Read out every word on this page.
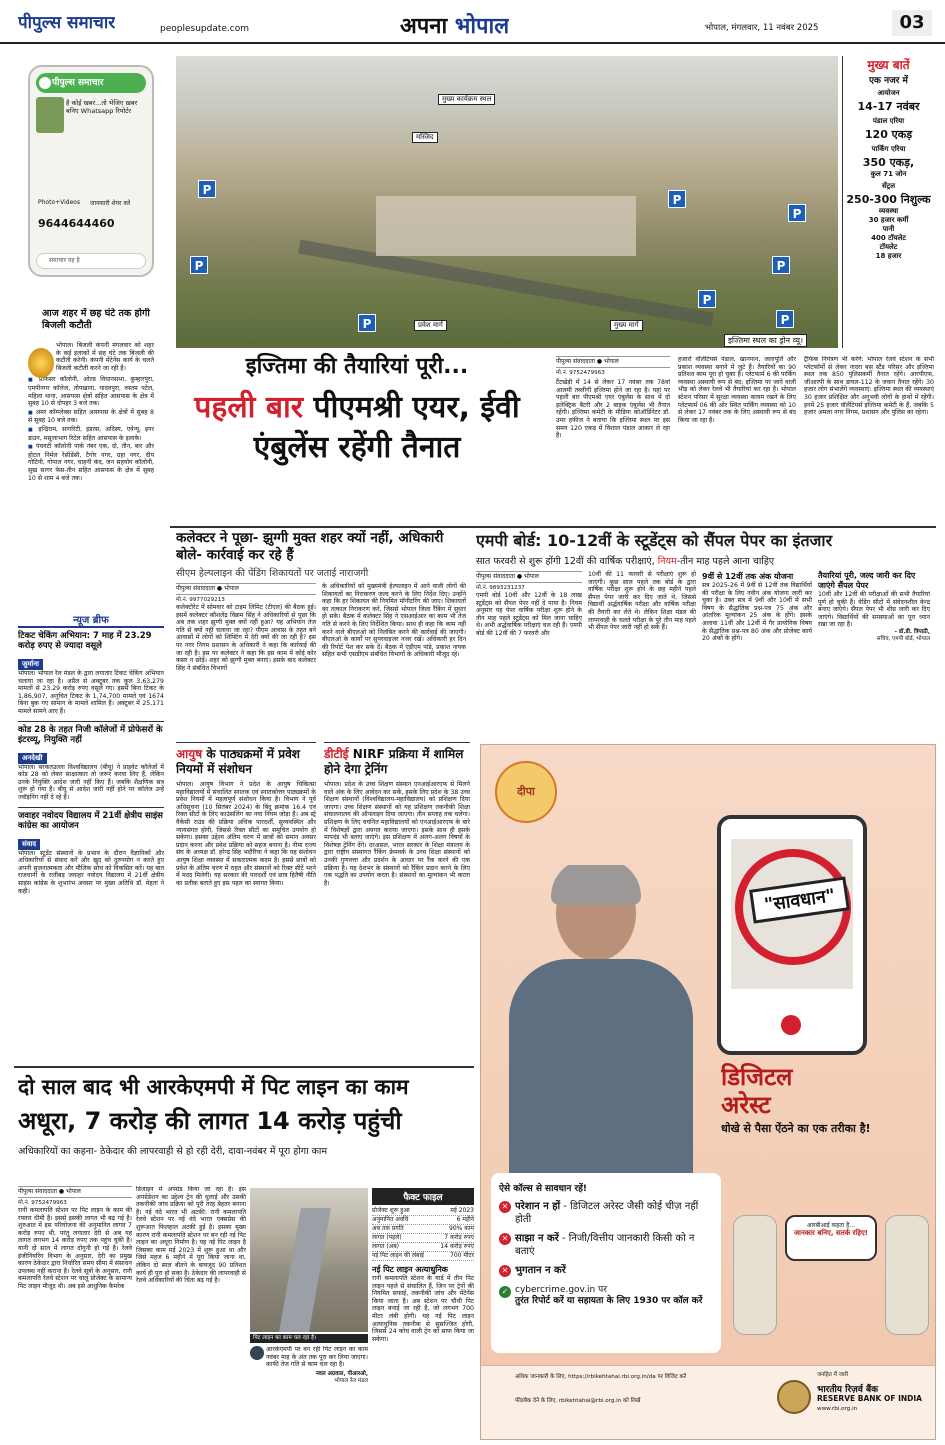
पीपुल्स समाचार	peoplesupdate.com	अपना भोपाल	भोपाल, मंगलवार, 11 नवंबर 2025	03
पीपुल्स समाचार
है कोई खबर...तो भेजिए ख़बर बनिए Whatsapp रिपोर्टर
Photo+Videos जानकारी शेयर करें
9644644460
समाचार यह है
आज शहर में छह घंटे तक होगी बिजली कटौती
भोपाल। बिजली कंपनी मंगलवार को शहर के कई इलाकों में छह घंटे तक बिजली की कटौती करेगी। कंपनी मेंटेनेंस कार्य के चलते बिजली कटौती करने जा रही है।
■ प्रोफेसर कॉलोनी, ओल्ड विधानसभा, कुम्हारपुरा, एमपीनगर कॉलेज, तोपखाना, यादवपुरा, रुस्तम पटेल, महिला थाना, आसपास क्षेत्रों सहित आसपास के क्षेत्र में सुबह 10 से दोपहर 3 बजे तक।
■ अमर कॉम्प्लेक्स सहित आसपास के क्षेत्रों में सुबह 8 से सुबह 10 बजे तक।
■ इन्द्रिराम, सागरिटी, इडरस, अदिस्य, एवेन्यू, इनर डाउन, मसूजाभाग रिटेल सहित आसपास के इलाके।
■ पंचवटी कॉलोनी पार्क नंबर एक, दो, तीन, बार और होटल निर्मल रेसीडेंसी, टैगोर नगर, ग्रहा नगर, दीप गोटिनी, गोपाल नगर, चाहनी कंद, जन सहयोग कॉलोनी, सुख सागर फेस-तीन सहित आसपास के क्षेत्र में सुबह 10 से शाम 4 बजे तक।
न्यूज ब्रीफ
टिकट चेकिंग अभियान: 7 माह में 23.29 करोड़ रुपए से ज्यादा वसूले
जुर्माना
भोपाल। भोपाल रेल मंडल के द्वारा लगातार टिकट चेकिंग अभियान चलाया जा रहा है। अप्रैल से अक्टूबर तक कुल 3,63,279 मामलों से 23.29 करोड़ रुपए वसूले गए। इसमें बिना टिकट के 1,86,907, अनुचित टिकट के 1,74,700 मामले एवं 1674 बिना बुक गए सामान के मामले शामिल हैं। अक्टूबर में 25,171 मामले सामने आए हैं।
कोड 28 के तहत निजी कॉलेजों में प्रोफेसरों के इंटरव्यू, नियुक्ति नहीं
अनदेखी
भोपाल। बरकतउल्ला विश्वविद्यालय (बीयू) ने प्राइवेट कॉलेजों में कोड 28 को लेकर साक्षात्कार तो जरूर करवा लिए हैं, लेकिन उनके नियुक्ति आदेश जारी नहीं किए हैं। जबकि शैक्षणिक सत्र शुरू हो गया है। बीयू से आदेश जारी नहीं होने पर कॉलेज उन्हें ज्वॉइनिंग नहीं दे रहे हैं।
जवाहर नवोदय विद्यालय में 21वीं क्षेत्रीय साइंस कांग्रेस का आयोजन
संवाद
भोपाल। स्टूडेंट संस्थानों के प्रभाव के दौरान वैज्ञानिकों और अधिकारियों से संवाद करें और खुद को दुरुपयोग न करते हुए अपनी सृजनात्मकता और मौलिक सोच को विकसित करें। यह बात राजधानी के रातीबड़ जवाहर नवोदय विद्यालय में 21वीं क्षेत्रीय साइंस कांग्रेस के शुभारंभ अवसर पर मुख्य अतिथि डॉ. मेहता ने कही।
मुख्य कार्यक्रम स्थल
मस्जिद
प्रवेश मार्ग	मुख्य मार्ग
इज्तिमा स्थल का ड्रोन व्यू।
P
P
P
P
P
P
P
P
मुख्य बातें
एक नजर में
आयोजन
14-17 नवंबर
पंडाल एरिया
120 एकड़
पार्किंग एरिया
350 एकड़,
कुल 71 जोन
सेंट्रल
250-300 निशुल्क
व्यवस्था
30 हजार कर्मी
पानी
400 टॉयलेट
टॉयलेट
18 हजार
इज्तिमा की तैयारियां पूरी...
पहली बार पीएमश्री एयर, ईवी एंबुलेंस रहेंगी तैनात
पीपुल्स संवाददाता ● भोपाल
मो.नं. 9752479963
टैंटखेड़ी में 14 से लेकर 17 नवंबर तक 78वां आलमी तब्लीगी इज्तिमा होने जा रहा है। यहां पर पहली बार पीएमश्री एयर एंबुलेंस के साथ में दो इलेक्ट्रिक बैटरी और 2 बाइक एंबुलेंस भी तैनात रहेंगी। इज्तिमा कमेटी के मीडिया कोऑर्डिनेटर डॉ. उमर हफीज ने बताया कि इज्तिमा स्थल पर इस समय 120 एकड़ में विशाल पंडाल आकार ले रहा है।
हजारों वॉलेंटियर्स पंडाल, खानपान, जलापूर्ति और प्रकाश व्यवस्था बनाने में जुटे हैं। तैयारियों का 90 प्रतिशत काम पूरा हो चुका है। प्लेटफार्म 6 की पार्किंग व्यवस्था अस्थायी रूप से बंद: इज्तिमा पर जाने वाली भीड़ को लेकर रेलवे भी तैयारियां कर रहा है। भोपाल स्टेशन परिसर में सुरक्षा व्यवस्था कायम रखने के लिए प्लेटफार्म 06 की ओर स्थित पार्किंग व्यवस्था को 10 से लेकर 17 नवंबर तक के लिए अस्थायी रूप से बंद किया जा रहा है।
ट्रैफिक नियंत्रण भी करेंगे: भोपाल रेलवे स्टेशन के सभी प्लेटफॉर्मों से लेकर नादरा बस स्टैंड परिसर और इज्तिमा स्थल तक 850 पुलिसकर्मी तैनात रहेंगे। आरपीएफ, जीआरपी के साथ डायल-112 के जवान तैनात रहेंगे। 30 हजार लोग संभालेंगे व्यवस्थाएं: इज्तिमा स्थल की व्यवस्थाएं 30 हजार प्रशिक्षित और अनुभवी लोगों के हाथों में रहेंगी। इनमें 25 हजार वॉलेंटियर्स इज्तिमा कमेटी के हैं, जबकि 5 हजार अमला नगर निगम, प्रशासन और पुलिस का रहेगा।
कलेक्टर ने पूछा- झुग्गी मुक्त शहर क्यों नहीं, अधिकारी बोले- कार्रवाई कर रहे हैं
सीएम हेल्पलाइन की पेंडिंग शिकायतों पर जताई नाराजगी
पीपुल्स संवाददाता ● भोपाल
मो.नं. 9977029213
कलेक्टोरेट में सोमवार को टाइम लिमिट (टीएल) की बैठक हुई। इसमें कलेक्टर कौशलेंद्र विक्रम सिंह ने अधिकारियों से पूछा कि अब तक शहर झुग्गी मुक्त क्यों नहीं हुआ? यह अभियान तेज गति से क्यों नहीं चलाया जा रहा? पीएम आवास के तहत बने आवासों में लोगों को शिफ्टिंग में देरी क्यों की जा रही है? इस पर नगर निगम प्रशासन के अधिकारी ने कहा कि कार्रवाई की जा रही है। इस पर कलेक्टर ने कहा कि इस काम में कोई कोर कसर न छोड़ें। शहर को झुग्गी मुक्त बनाएं। इसके बाद कलेक्टर सिंह ने संबंधित विभागों
के अधिकारियों को मुख्यमंत्री हेल्पलाइन में आने वाली लोगों की शिकायतों का निराकरण जल्द करने के लिए निर्देश दिए। उन्होंने कहा कि हर शिकायत की नियमित मॉनीटरिंग की जाए। शिकायतों का तत्काल निराकरण करें, जिससे भोपाल जिला रैंकिंग में सुधार हो सके। बैठक में कलेक्टर सिंह ने एसआईआर का काम भी तेज गति से करने के लिए निर्देशित किया। साथ ही कहा कि काम नहीं करने वाले बीएलओ को निलंबित करने की कार्रवाई की जाएगी। बीएलओ के कार्यों पर सुपरवाइजर नजर रखें। अधिकारी हर दिन की रिपोर्ट पेश कर सके दें। बैठक में एडीएम पांडे, प्रकाश नायक सहित सभी एसडीएम संबंधित विभागों के अधिकारी मौजूद रहे।
एमपी बोर्ड: 10-12वीं के स्टूडेंट्स को सैंपल पेपर का इंतजार
सात फरवरी से शुरू होंगी 12वीं की वार्षिक परीक्षाएं, नियम-तीन माह पहले आना चाहिए
पीपुल्स संवाददाता ● भोपाल
मो.नं. 9893231237
एमपी बोर्ड 10वीं और 12वीं के 18 लाख स्टूडेंट्स को सैंपल पेपर नहीं दे पाया है। नियम अनुसार यह पेपर वार्षिक परीक्षा शुरू होने के तीन माह पहले स्टूडेंट्स को मिल जाना चाहिए थे। अभी अर्द्धवार्षिक परीक्षाएं चल रही हैं। एमपी बोर्ड की 12वीं की 7 फरवरी और
10वीं की 11 फरवरी से परीक्षाएं शुरू हो जाएंगी। कुछ साल पहले तक बोर्ड के द्वारा वार्षिक परीक्षा शुरू होने के छह महीने पहले सैंपल पेपर जारी कर दिए जाते थे, जिससे विद्यार्थी अर्द्धवार्षिक परीक्षा और वार्षिक परीक्षा की तैयारी कर लेते थे। लेकिन शिक्षा मंडल की लापरवाही के चलते परीक्षा के पूरे तीन माह पहले भी सैंपल पेपर जारी नहीं हो सके हैं।
9वीं से 12वीं तक अंक योजना
सत्र 2025-26 में 9वीं से 12वीं तक विद्यार्थियों की परीक्षा के लिए नवीन अंक योजना जारी कर चुका है। उक्त सत्र में 9वीं और 10वीं में सभी विषय के सैद्धांतिक प्रश्न-पत्र 75 अंक और आंतरिक मूल्यांकन 25 अंक के होंगे। इसके अलावा 11वीं और 12वीं में गैर प्रायोगिक विषय के सैद्धांतिक प्रश्न-पत्र 80 अंक और प्रोजेक्ट कार्य 20 अंकों के होंगे।
तैयारियां पूरी, जल्द जारी कर दिए जाएंगे सैंपल पेपर
10वीं और 12वीं की परीक्षाओं की सभी तैयारियां पूर्ण हो चुकी हैं। वेडिंग सीटों में संवेदनशील केन्द्र बनाए जाएंगे। सैंपल पेपर भी शीघ्र जारी कर दिए जाएंगे। विद्यार्थियों की समस्याओं का पूरा ध्यान रखा जा रहा है।
- डॉ.डी. त्रिपाठी,
सचिव, एमपी बोर्ड, भोपाल
आयुष के पाठ्यक्रमों में प्रवेश नियमों में संशोधन
भोपाल। आयुष विभाग ने प्रदेश के आयुष चिकित्सा महाविद्यालयों में संचालित स्नातक एवं स्नातकोत्तर पाठ्यक्रमों के प्रवेश नियमों में महत्वपूर्ण संशोधन किया है। विभाग ने पूर्व अधिसूचना (10 सितंबर 2024) के बिंदु क्रमांक 16.4 एवं रिक्त सीटों के लिए काउंसलिंग का नया नियम जोड़ा है। अब स्ट्रे वैकेंसी राउंड की प्रक्रिया अधिक पारदर्शी, सुव्यवस्थित और न्यायसंगत होगी, जिससे रिक्त सीटों का समुचित उपयोग हो सकेगा। इसका उद्देश्य अंतिम चरण में छात्रों को समान अवसर प्रदान करना और प्रवेश प्रक्रिया को सहज बनाना है। नीमा राज्य संघ के अध्यक्ष डॉ. हरेन्द्र सिंह भदौरिया ने कहा कि यह संशोधन आयुष शिक्षा व्यवस्था में सकारात्मक कदम है। इससे छात्रों को प्रवेश के अंतिम चरण में राहत और संस्थानों को रिक्त सीटें भरने में मदद मिलेगी। यह सरकार की पारदर्शी एवं छात्र हितैषी नीति का प्रतीक बताते हुए इस पहल का स्वागत किया।
डीटीई NIRF प्रक्रिया में शामिल होने देगा ट्रेनिंग
भोपाल। प्रदेश के उच्च शिक्षण संस्थान एनआईआरएफ से मिलने वाले अंक के लिए आवेदन कर सकें, इसके लिए प्रदेश के 38 उच्च शिक्षण संस्थानों (विश्वविद्यालय-महाविद्यालय) को प्रशिक्षण दिया जाएगा। उच्च शिक्षण संस्थानों को यह प्रशिक्षण तकनीकी शिक्षा संचालनालय की ऑनलाइन दिया जाएगा। तीन सप्ताह तक चलेगा। प्रशिक्षण के लिए चयनित महाविद्यालयों को एनआईआरएफ के बारे में विशेषज्ञों द्वारा अवगत कराया जाएगा। इसके साथ ही इसके मापदंड भी बताए जाएंगे। इस प्रशिक्षण में अलग-अलग विषयों के विशेषज्ञ ट्रेनिंग देंगे। दरअसल, भारत सरकार के शिक्षा मंत्रालय के द्वारा राष्ट्रीय संस्थागत रैंकिंग फ्रेमवर्क के उच्च शिक्षा संस्थानों को उनकी गुणवत्ता और प्रदर्शन के आधार पर रैंक करने की एक प्रक्रिया है। यह देशभर के संस्थानों को रैंकिंग प्रदान करने के लिए एक पद्धति का उपयोग करता है। संस्थानों का मूल्यांकन भी करता है।
दो साल बाद भी आरकेएमपी में पिट लाइन का काम
अधूरा, 7 करोड़ की लागत 14 करोड़ पहुंची
अधिकारियों का कहना- ठेकेदार की लापरवाही से हो रही देरी, दावा-नवंबर में पूरा होगा काम
पीपुल्स संवाददाता ● भोपाल
मो.नं. 9752479963
रानी कमलापति स्टेशन पर पिट लाइन के काम की रफ्तार धीमी है। इससे इसकी लागत भी बढ़ गई है। शुरुआत में इस परियोजना की अनुमानित लागत 7 करोड़ रुपए थी, परंतु लगातार देरी से अब यह लागत लगभग 14 करोड़ रुपए तक पहुंच चुकी है। यानी दो साल में लागत दोगुनी हो गई है। रेलवे इंजीनियरिंग विभाग के अनुसार, देरी का प्रमुख कारण ठेकेदार द्वारा निर्धारित समय सीमा में संसाधन उपलब्ध नहीं कराना है। रेलवे सूत्रों के अनुसार, रानी कमलापति रेलवे स्टेशन पर चालू प्रोजेक्ट के सामान्य पिट लाइन मौजूद थी। अब इसे आधुनिक कैमरेक
डिजाइन में अपग्रेड किया जा रहा है। इस अपग्रेडेशन का उद्देश्य ट्रेन की धुलाई और उसकी तकनीकी जांच प्रक्रिया को पूरी तरह बेहतर बनाना है। नई वंदे भारत भी अटकी: रानी कमलापति रेलवे स्टेशन पर नई वंदे भारत एक्सप्रेस की शुरूआत फिलहाल अटकी हुई है। इसका मुख्य कारण रानी कमलापति स्टेशन पर बन रही नई पिट लाइन का अधूरा निर्माण है। यह नई पिट लाइन है जिसका काम मई 2023 में शुरू हुआ था और जिसे महज 6 महीने में पूरा किया जाना था, लेकिन दो साल बीतने के बावजूद 90 प्रतिशत कार्य ही पूरा हो सका है। ठेकेदार की लापरवाही से रेलवे अधिकारियों की चिंता बढ़ गई है।
पिट लाइन का काम चल रहा है।
आरकेएमपी पर बन रही पिट लाइन का काम नवंबर माह के अंत तक पूरा कर लिया जाएगा। काफी तेज गति से काम चल रहा है।
नवल अग्रवाल, पीआरओ,
भोपाल रेल मंडल
फैक्ट फाइल
प्रोजेक्ट शुरू हुआ	मई 2023
अनुमानित अवधि	6 महीने
अब तक प्रगति	90% काम
लागत (पहले)	7 करोड़ रुपए
लागत (अब)	14 करोड़ रुपए
नई पिट लाइन की लंबाई	700 मीटर
नई पिट लाइन अत्याधुनिक
रानी कमलापति स्टेशन के यार्ड में तीन पिट लाइन पहले से संचालित हैं, जिन पर ट्रेनों की नियमित सफाई, तकनीकी जांच और मेंटेनेंस किया जाता है। अब स्टेशन पर चौथी पिट लाइन बनाई जा रही है, जो लगभग 700 मीटर लंबी होगी। यह नई पिट लाइन अत्याधुनिक तकनीक से सुसज्जित होगी, जिससे 24 कोच वाली ट्रेन को साफ किया जा सकेगा।
दीपा
"सावधान"
डिजिटल
अरेस्ट
धोखे से पैसा ऐंठने का एक तरीका है!
ऐसे कॉल्स से सावधान रहें!
✕ परेशान न हों - डिजिटल अरेस्ट जैसी कोई चीज़ नहीं होती
✕ साझा न करें - निजी/वित्तीय जानकारी किसी को न बताएं
✕ भुगतान न करें
✓ cybercrime.gov.in पर
तुरंत रिपोर्ट करें या सहायता के लिए 1930 पर कॉल करें
आरबीआई कहता है...
जानकार बनिए, सतर्क रहिए!
अधिक जानकारी के लिए, https://rbikehtahai.rbi.org.in/da पर विजिट करें
फीडबैक देने के लिए, rbikehtahai@rbi.org.in को लिखें
जनहित में जारी
भारतीय रिज़र्व बैंक
RESERVE BANK OF INDIA
www.rbi.org.in
